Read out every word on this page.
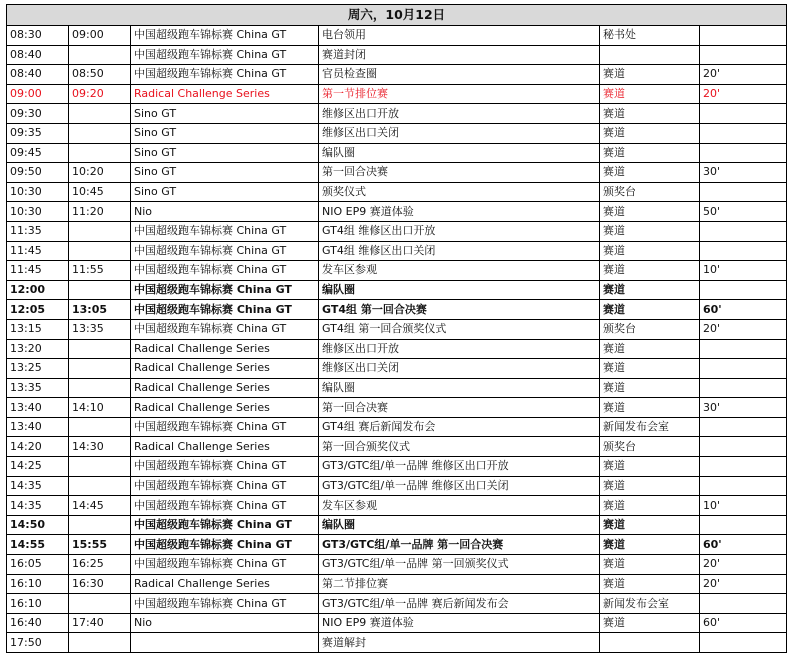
周六，10月12日					
08:30	09:00	中国超级跑车锦标赛 China GT	电台领用	秘书处	
08:40		中国超级跑车锦标赛 China GT	赛道封闭		
08:40	08:50	中国超级跑车锦标赛 China GT	官员检查圈	赛道	20'
09:00	09:20	Radical Challenge Series	第一节排位赛	赛道	20'
09:30		Sino GT	维修区出口开放	赛道	
09:35		Sino GT	维修区出口关闭	赛道	
09:45		Sino GT	编队圈	赛道	
09:50	10:20	Sino GT	第一回合决赛	赛道	30'
10:30	10:45	Sino GT	颁奖仪式	颁奖台	
10:30	11:20	Nio	NIO EP9 赛道体验	赛道	50'
11:35		中国超级跑车锦标赛 China GT	GT4组 维修区出口开放	赛道	
11:45		中国超级跑车锦标赛 China GT	GT4组 维修区出口关闭	赛道	
11:45	11:55	中国超级跑车锦标赛 China GT	发车区参观	赛道	10'
12:00		中国超级跑车锦标赛 China GT	编队圈	赛道	
12:05	13:05	中国超级跑车锦标赛 China GT	GT4组 第一回合决赛	赛道	60'
13:15	13:35	中国超级跑车锦标赛 China GT	GT4组 第一回合颁奖仪式	颁奖台	20'
13:20		Radical Challenge Series	维修区出口开放	赛道	
13:25		Radical Challenge Series	维修区出口关闭	赛道	
13:35		Radical Challenge Series	编队圈	赛道	
13:40	14:10	Radical Challenge Series	第一回合决赛	赛道	30'
13:40		中国超级跑车锦标赛 China GT	GT4组 赛后新闻发布会	新闻发布会室	
14:20	14:30	Radical Challenge Series	第一回合颁奖仪式	颁奖台	
14:25		中国超级跑车锦标赛 China GT	GT3/GTC组/单一品牌 维修区出口开放	赛道	
14:35		中国超级跑车锦标赛 China GT	GT3/GTC组/单一品牌 维修区出口关闭	赛道	
14:35	14:45	中国超级跑车锦标赛 China GT	发车区参观	赛道	10'
14:50		中国超级跑车锦标赛 China GT	编队圈	赛道	
14:55	15:55	中国超级跑车锦标赛 China GT	GT3/GTC组/单一品牌 第一回合决赛	赛道	60'
16:05	16:25	中国超级跑车锦标赛 China GT	GT3/GTC组/单一品牌 第一回颁奖仪式	赛道	20'
16:10	16:30	Radical Challenge Series	第二节排位赛	赛道	20'
16:10		中国超级跑车锦标赛 China GT	GT3/GTC组/单一品牌 赛后新闻发布会	新闻发布会室	
16:40	17:40	Nio	NIO EP9 赛道体验	赛道	60'
17:50			赛道解封		
